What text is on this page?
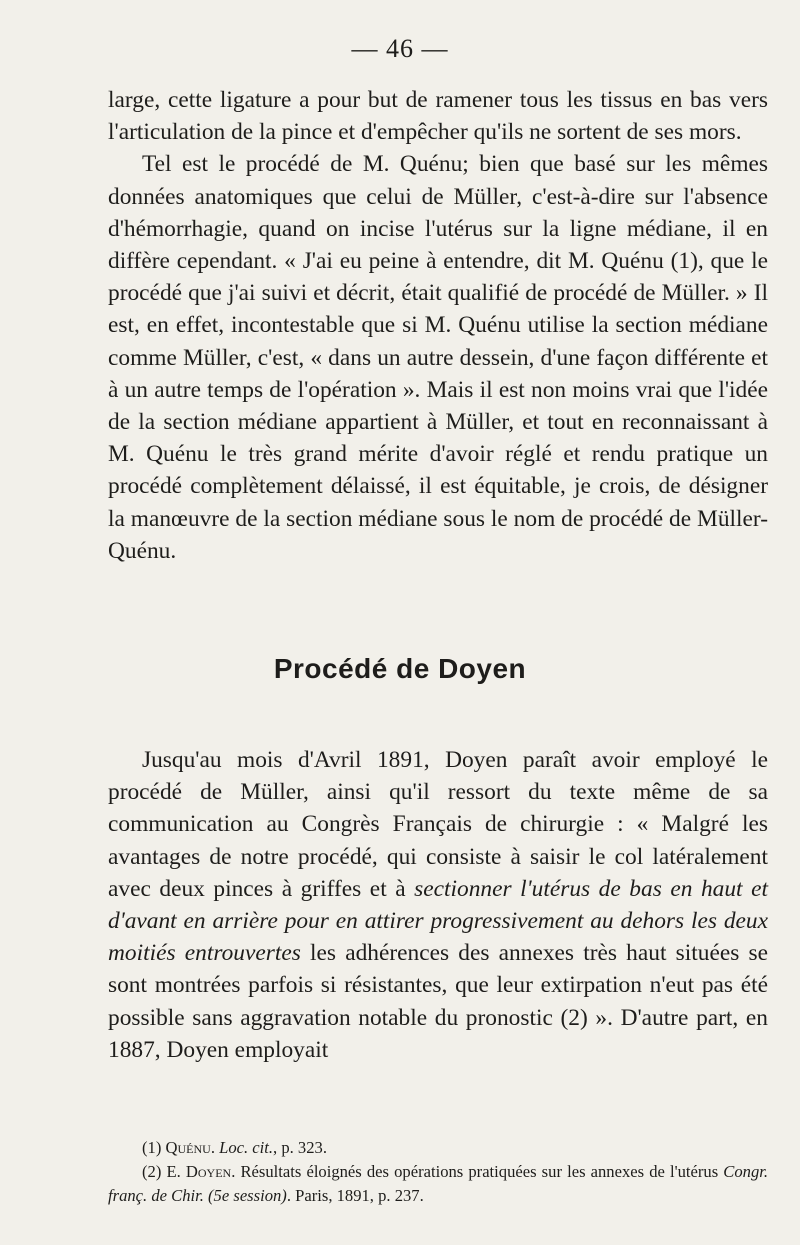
— 46 —

large, cette ligature a pour but de ramener tous les tissus en bas vers l'articulation de la pince et d'empêcher qu'ils ne sortent de ses mors.

Tel est le procédé de M. Quénu; bien que basé sur les mêmes données anatomiques que celui de Müller, c'est-à-dire sur l'absence d'hémorrhagie, quand on incise l'utérus sur la ligne médiane, il en diffère cependant. « J'ai eu peine à entendre, dit M. Quénu (1), que le procédé que j'ai suivi et décrit, était qualifié de procédé de Müller. » Il est, en effet, incontestable que si M. Quénu utilise la section médiane comme Müller, c'est, « dans un autre dessein, d'une façon différente et à un autre temps de l'opération ». Mais il est non moins vrai que l'idée de la section médiane appartient à Müller, et tout en reconnaissant à M. Quénu le très grand mérite d'avoir réglé et rendu pratique un procédé complètement délaissé, il est équitable, je crois, de désigner la manœuvre de la section médiane sous le nom de procédé de Müller-Quénu.

Procédé de Doyen

Jusqu'au mois d'Avril 1891, Doyen paraît avoir employé le procédé de Müller, ainsi qu'il ressort du texte même de sa communication au Congrès Français de chirurgie : « Malgré les avantages de notre procédé, qui consiste à saisir le col latéralement avec deux pinces à griffes et à sectionner l'utérus de bas en haut et d'avant en arrière pour en attirer progressivement au dehors les deux moitiés entrouvertes les adhérences des annexes très haut situées se sont montrées parfois si résistantes, que leur extirpation n'eut pas été possible sans aggravation notable du pronostic (2) ». D'autre part, en 1887, Doyen employait

(1) Quénu. Loc. cit., p. 323.

(2) E. Doyen. Résultats éloignés des opérations pratiquées sur les annexes de l'utérus Congr. franç. de Chir. (5e session). Paris, 1891, p. 237.
